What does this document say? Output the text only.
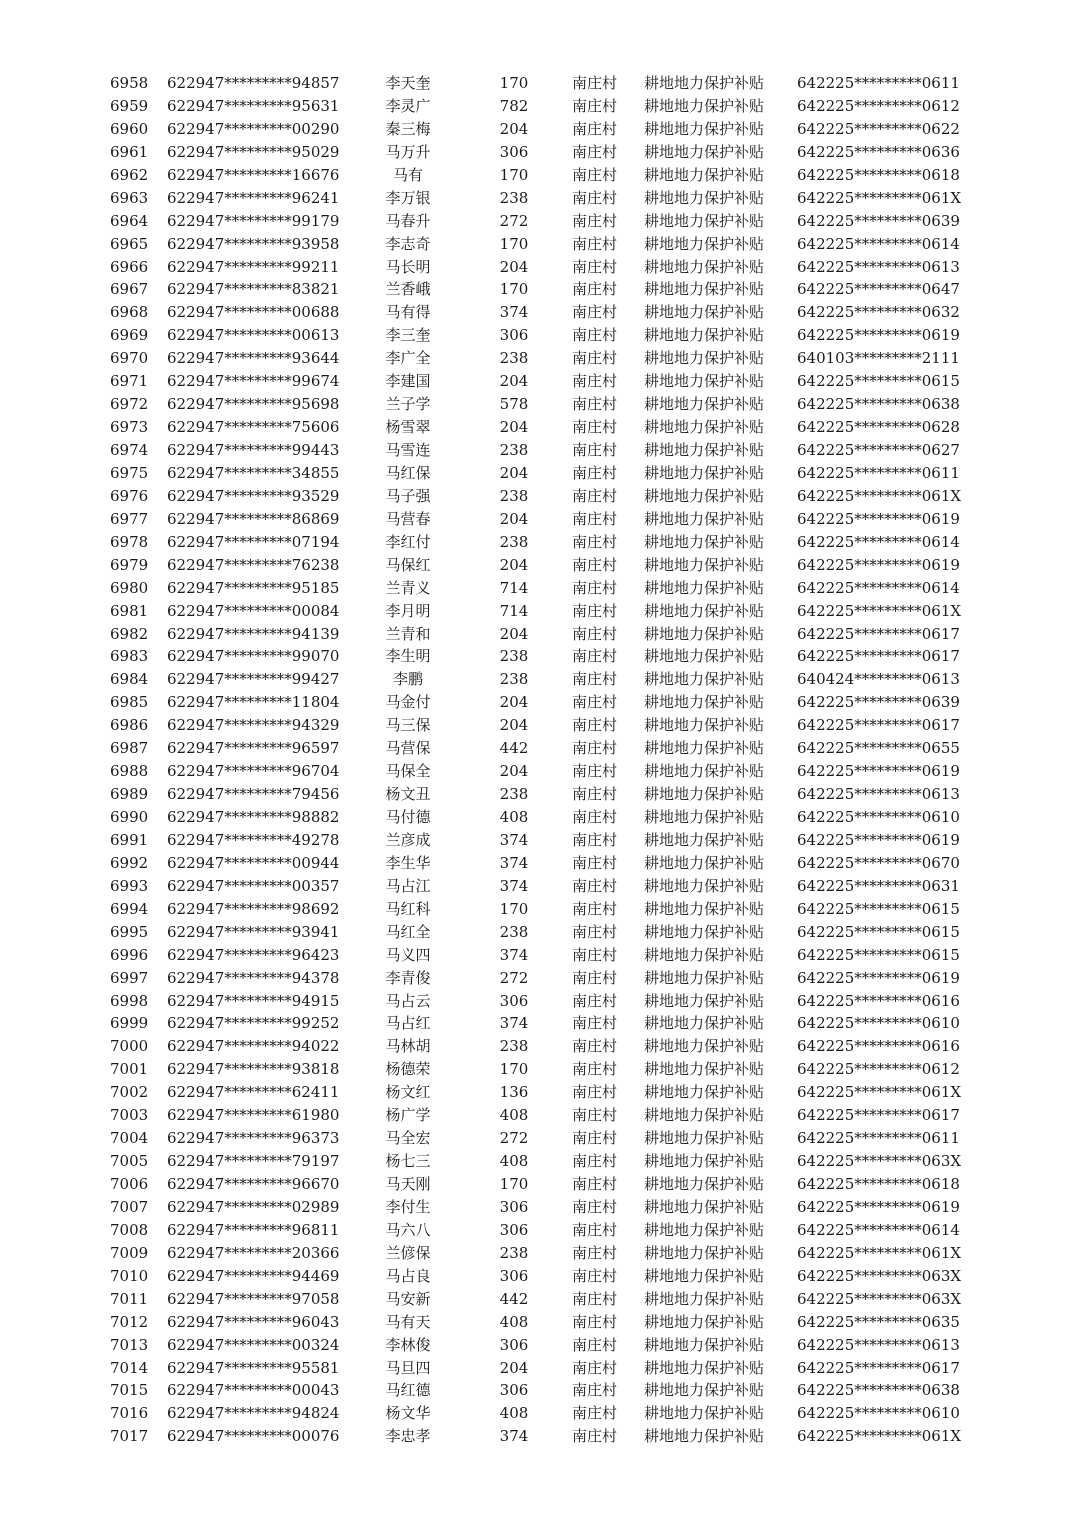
6958 622947*********94857	李天奎	170	南庄村 耕地地力保护补贴 642225*********0611
6959 622947*********95631	李灵广	782	南庄村 耕地地力保护补贴 642225*********0612
6960 622947*********00290	秦三梅	204	南庄村 耕地地力保护补贴 642225*********0622
6961 622947*********95029	马万升	306	南庄村 耕地地力保护补贴 642225*********0636
6962 622947*********16676	马有	170	南庄村 耕地地力保护补贴 642225*********0618
6963 622947*********96241	李万银	238	南庄村 耕地地力保护补贴 642225*********061X
6964 622947*********99179	马春升	272	南庄村 耕地地力保护补贴 642225*********0639
6965 622947*********93958	李志奇	170	南庄村 耕地地力保护补贴 642225*********0614
6966 622947*********99211	马长明	204	南庄村 耕地地力保护补贴 642225*********0613
6967 622947*********83821	兰香峨	170	南庄村 耕地地力保护补贴 642225*********0647
6968 622947*********00688	马有得	374	南庄村 耕地地力保护补贴 642225*********0632
6969 622947*********00613	李三奎	306	南庄村 耕地地力保护补贴 642225*********0619
6970 622947*********93644	李广全	238	南庄村 耕地地力保护补贴 640103*********2111
6971 622947*********99674	李建国	204	南庄村 耕地地力保护补贴 642225*********0615
6972 622947*********95698	兰子学	578	南庄村 耕地地力保护补贴 642225*********0638
6973 622947*********75606	杨雪翠	204	南庄村 耕地地力保护补贴 642225*********0628
6974 622947*********99443	马雪连	238	南庄村 耕地地力保护补贴 642225*********0627
6975 622947*********34855	马红保	204	南庄村 耕地地力保护补贴 642225*********0611
6976 622947*********93529	马子强	238	南庄村 耕地地力保护补贴 642225*********061X
6977 622947*********86869	马营春	204	南庄村 耕地地力保护补贴 642225*********0619
6978 622947*********07194	李红付	238	南庄村 耕地地力保护补贴 642225*********0614
6979 622947*********76238	马保红	204	南庄村 耕地地力保护补贴 642225*********0619
6980 622947*********95185	兰青义	714	南庄村 耕地地力保护补贴 642225*********0614
6981 622947*********00084	李月明	714	南庄村 耕地地力保护补贴 642225*********061X
6982 622947*********94139	兰青和	204	南庄村 耕地地力保护补贴 642225*********0617
6983 622947*********99070	李生明	238	南庄村 耕地地力保护补贴 642225*********0617
6984 622947*********99427	李鹏	238	南庄村 耕地地力保护补贴 640424*********0613
6985 622947*********11804	马金付	204	南庄村 耕地地力保护补贴 642225*********0639
6986 622947*********94329	马三保	204	南庄村 耕地地力保护补贴 642225*********0617
6987 622947*********96597	马营保	442	南庄村 耕地地力保护补贴 642225*********0655
6988 622947*********96704	马保全	204	南庄村 耕地地力保护补贴 642225*********0619
6989 622947*********79456	杨文丑	238	南庄村 耕地地力保护补贴 642225*********0613
6990 622947*********98882	马付德	408	南庄村 耕地地力保护补贴 642225*********0610
6991 622947*********49278	兰彦成	374	南庄村 耕地地力保护补贴 642225*********0619
6992 622947*********00944	李生华	374	南庄村 耕地地力保护补贴 642225*********0670
6993 622947*********00357	马占江	374	南庄村 耕地地力保护补贴 642225*********0631
6994 622947*********98692	马红科	170	南庄村 耕地地力保护补贴 642225*********0615
6995 622947*********93941	马红全	238	南庄村 耕地地力保护补贴 642225*********0615
6996 622947*********96423	马义四	374	南庄村 耕地地力保护补贴 642225*********0615
6997 622947*********94378	李青俊	272	南庄村 耕地地力保护补贴 642225*********0619
6998 622947*********94915	马占云	306	南庄村 耕地地力保护补贴 642225*********0616
6999 622947*********99252	马占红	374	南庄村 耕地地力保护补贴 642225*********0610
7000 622947*********94022	马林胡	238	南庄村 耕地地力保护补贴 642225*********0616
7001 622947*********93818	杨德荣	170	南庄村 耕地地力保护补贴 642225*********0612
7002 622947*********62411	杨文红	136	南庄村 耕地地力保护补贴 642225*********061X
7003 622947*********61980	杨广学	408	南庄村 耕地地力保护补贴 642225*********0617
7004 622947*********96373	马全宏	272	南庄村 耕地地力保护补贴 642225*********0611
7005 622947*********79197	杨七三	408	南庄村 耕地地力保护补贴 642225*********063X
7006 622947*********96670	马天刚	170	南庄村 耕地地力保护补贴 642225*********0618
7007 622947*********02989	李付生	306	南庄村 耕地地力保护补贴 642225*********0619
7008 622947*********96811	马六八	306	南庄村 耕地地力保护补贴 642225*********0614
7009 622947*********20366	兰偐保	238	南庄村 耕地地力保护补贴 642225*********061X
7010 622947*********94469	马占良	306	南庄村 耕地地力保护补贴 642225*********063X
7011 622947*********97058	马安新	442	南庄村 耕地地力保护补贴 642225*********063X
7012 622947*********96043	马有天	408	南庄村 耕地地力保护补贴 642225*********0635
7013 622947*********00324	李林俊	306	南庄村 耕地地力保护补贴 642225*********0613
7014 622947*********95581	马旦四	204	南庄村 耕地地力保护补贴 642225*********0617
7015 622947*********00043	马红德	306	南庄村 耕地地力保护补贴 642225*********0638
7016 622947*********94824	杨文华	408	南庄村 耕地地力保护补贴 642225*********0610
7017 622947*********00076	李忠孝	374	南庄村 耕地地力保护补贴 642225*********061X
